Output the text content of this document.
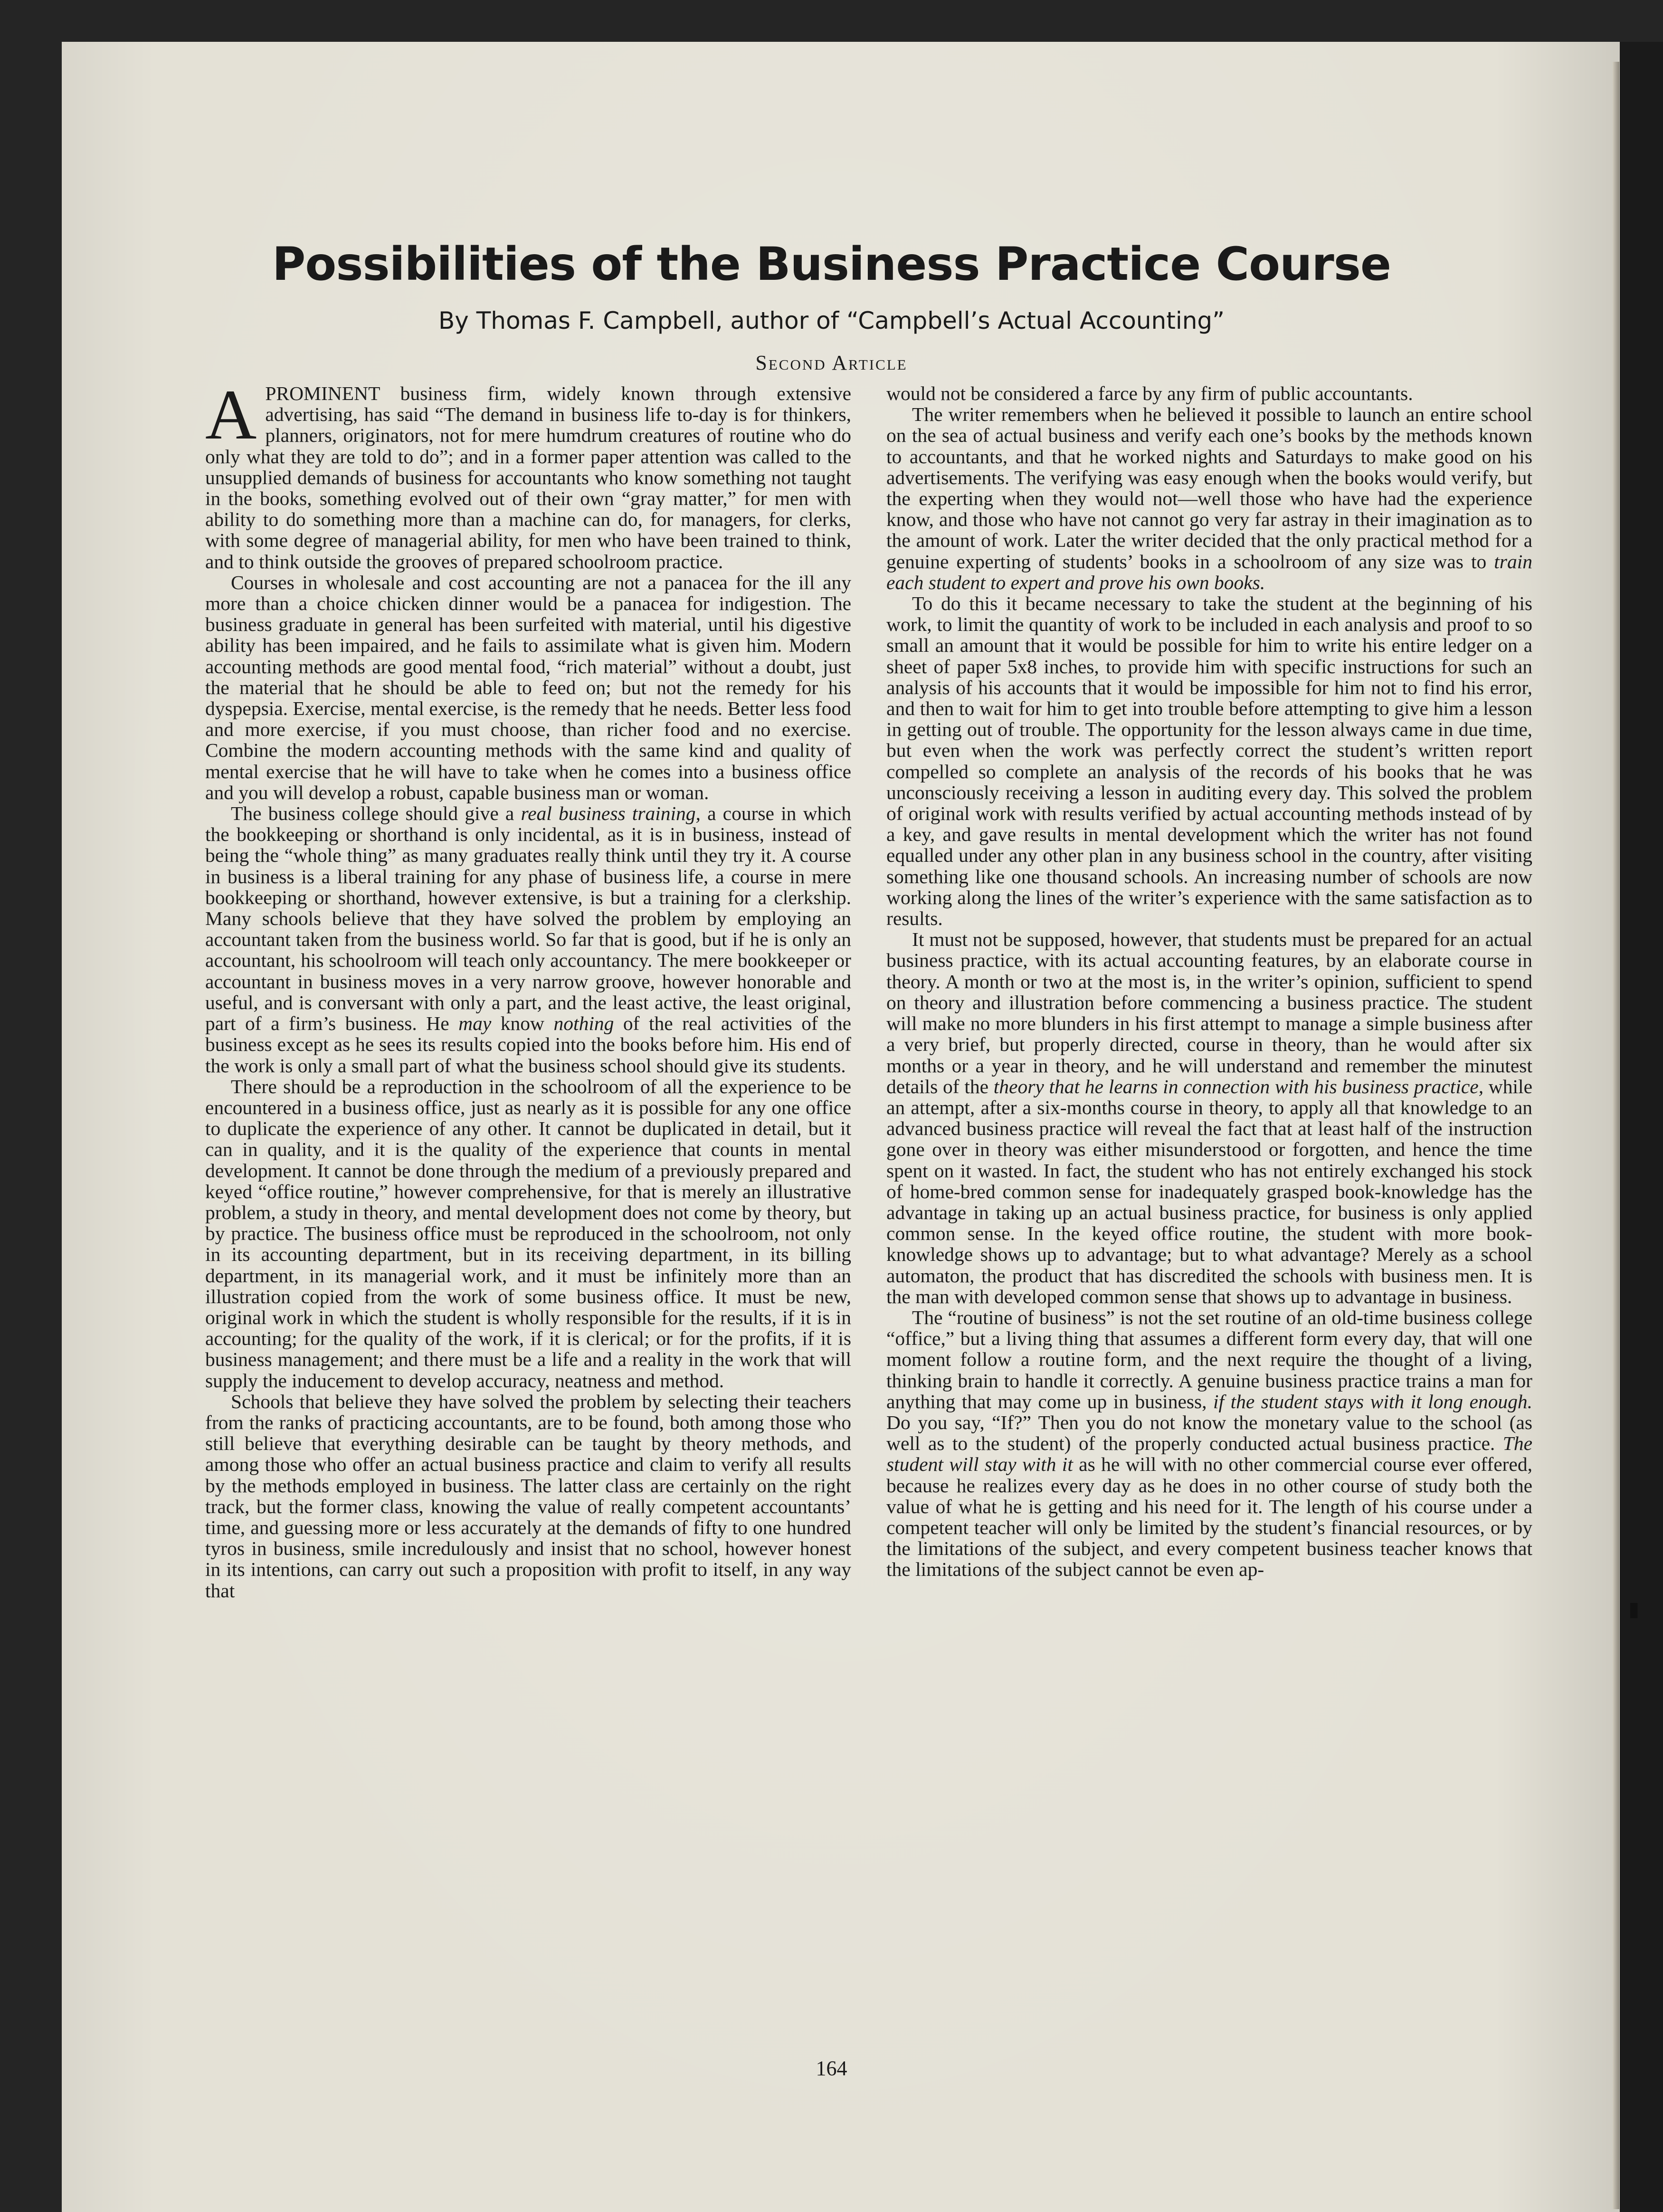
▮
Possibilities of the Business Practice Course
By Thomas F. Campbell, author of “Campbell’s Actual Accounting”
Second Article

APROMINENT business firm, widely known through extensive advertising, has said “The demand in business life to-day is for thinkers, planners, originators, not for mere humdrum creatures of routine who do only what they are told to do”; and in a former paper attention was called to the unsupplied demands of business for accountants who know something not taught in the books, something evolved out of their own “gray matter,” for men with ability to do something more than a machine can do, for managers, for clerks, with some degree of managerial ability, for men who have been trained to think, and to think outside the grooves of prepared schoolroom practice.

Courses in wholesale and cost accounting are not a panacea for the ill any more than a choice chicken dinner would be a panacea for indigestion. The business graduate in general has been surfeited with material, until his digestive ability has been impaired, and he fails to assimilate what is given him. Modern accounting methods are good mental food, “rich material” without a doubt, just the material that he should be able to feed on; but not the remedy for his dyspepsia. Exercise, mental exercise, is the remedy that he needs. Better less food and more exercise, if you must choose, than richer food and no exercise. Combine the modern accounting methods with the same kind and quality of mental exercise that he will have to take when he comes into a business office and you will develop a robust, capable business man or woman.

The business college should give a real business training, a course in which the bookkeeping or shorthand is only incidental, as it is in business, instead of being the “whole thing” as many graduates really think until they try it. A course in business is a liberal training for any phase of business life, a course in mere bookkeeping or shorthand, however extensive, is but a training for a clerkship. Many schools believe that they have solved the problem by employing an accountant taken from the business world. So far that is good, but if he is only an accountant, his schoolroom will teach only accountancy. The mere bookkeeper or accountant in business moves in a very narrow groove, however honorable and useful, and is conversant with only a part, and the least active, the least original, part of a firm’s business. He may know nothing of the real activities of the business except as he sees its results copied into the books before him. His end of the work is only a small part of what the business school should give its students.

There should be a reproduction in the schoolroom of all the experience to be encountered in a business office, just as nearly as it is possible for any one office to duplicate the experience of any other. It cannot be duplicated in detail, but it can in quality, and it is the quality of the experience that counts in mental development. It cannot be done through the medium of a previously prepared and keyed “office routine,” however comprehensive, for that is merely an illustrative problem, a study in theory, and mental development does not come by theory, but by practice. The business office must be reproduced in the schoolroom, not only in its accounting department, but in its receiving department, in its billing department, in its managerial work, and it must be infinitely more than an illustration copied from the work of some business office. It must be new, original work in which the student is wholly responsible for the results, if it is in accounting; for the quality of the work, if it is clerical; or for the profits, if it is business management; and there must be a life and a reality in the work that will supply the inducement to develop accuracy, neatness and method.

Schools that believe they have solved the problem by selecting their teachers from the ranks of practicing accountants, are to be found, both among those who still believe that everything desirable can be taught by theory methods, and among those who offer an actual business practice and claim to verify all results by the methods employed in business. The latter class are certainly on the right track, but the former class, knowing the value of really competent accountants’ time, and guessing more or less accurately at the demands of fifty to one hundred tyros in business, smile incredulously and insist that no school, however honest in its intentions, can carry out such a proposition with profit to itself, in any way that

would not be considered a farce by any firm of public accountants.

The writer remembers when he believed it possible to launch an entire school on the sea of actual business and verify each one’s books by the methods known to accountants, and that he worked nights and Saturdays to make good on his advertisements. The verifying was easy enough when the books would verify, but the experting when they would not—well those who have had the experience know, and those who have not cannot go very far astray in their imagination as to the amount of work. Later the writer decided that the only practical method for a genuine experting of students’ books in a schoolroom of any size was to train each student to expert and prove his own books.

To do this it became necessary to take the student at the beginning of his work, to limit the quantity of work to be included in each analysis and proof to so small an amount that it would be possible for him to write his entire ledger on a sheet of paper 5x8 inches, to provide him with specific instructions for such an analysis of his accounts that it would be impossible for him not to find his error, and then to wait for him to get into trouble before attempting to give him a lesson in getting out of trouble. The opportunity for the lesson always came in due time, but even when the work was perfectly correct the student’s written report compelled so complete an analysis of the records of his books that he was unconsciously receiving a lesson in auditing every day. This solved the problem of original work with results verified by actual accounting methods instead of by a key, and gave results in mental development which the writer has not found equalled under any other plan in any business school in the country, after visiting something like one thousand schools. An increasing number of schools are now working along the lines of the writer’s experience with the same satisfaction as to results.

It must not be supposed, however, that students must be prepared for an actual business practice, with its actual accounting features, by an elaborate course in theory. A month or two at the most is, in the writer’s opinion, sufficient to spend on theory and illustration before commencing a business practice. The student will make no more blunders in his first attempt to manage a simple business after a very brief, but properly directed, course in theory, than he would after six months or a year in theory, and he will understand and remember the minutest details of the theory that he learns in connection with his business practice, while an attempt, after a six-months course in theory, to apply all that knowledge to an advanced business practice will reveal the fact that at least half of the instruction gone over in theory was either misunderstood or forgotten, and hence the time spent on it wasted. In fact, the student who has not entirely exchanged his stock of home-bred common sense for inadequately grasped book-knowledge has the advantage in taking up an actual business practice, for business is only applied common sense. In the keyed office routine, the student with more book-knowledge shows up to advantage; but to what advantage? Merely as a school automaton, the product that has discredited the schools with business men. It is the man with developed common sense that shows up to advantage in business.

The “routine of business” is not the set routine of an old-time business college “office,” but a living thing that assumes a different form every day, that will one moment follow a routine form, and the next require the thought of a living, thinking brain to handle it correctly. A genuine business practice trains a man for anything that may come up in business, if the student stays with it long enough. Do you say, “If?” Then you do not know the monetary value to the school (as well as to the student) of the properly conducted actual business practice. The student will stay with it as he will with no other commercial course ever offered, because he realizes every day as he does in no other course of study both the value of what he is getting and his need for it. The length of his course under a competent teacher will only be limited by the student’s financial resources, or by the limitations of the subject, and every competent business teacher knows that the limitations of the subject cannot be even ap-

164
